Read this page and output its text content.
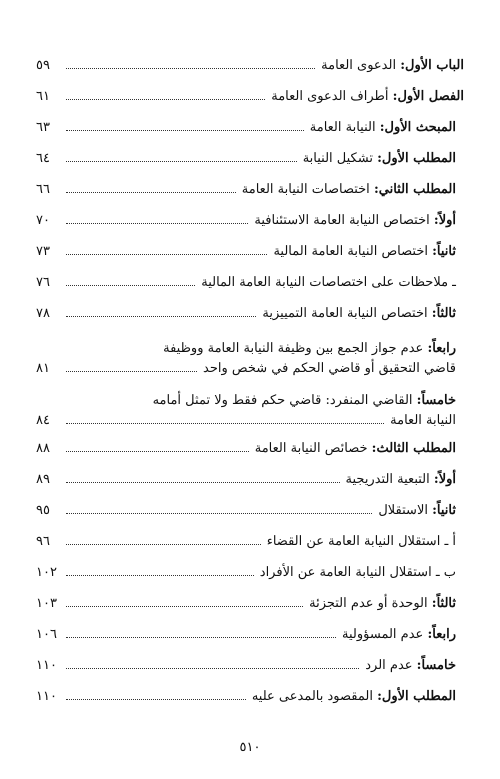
الباب الأول: الدعوى العامة
٥٩
الفصل الأول: أطراف الدعوى العامة
٦١
المبحث الأول: النيابة العامة
٦٣
المطلب الأول: تشكيل النيابة
٦٤
المطلب الثاني: اختصاصات النيابة العامة
٦٦
أولاً: اختصاص النيابة العامة الاستئنافية
٧٠
ثانياً: اختصاص النيابة العامة المالية
٧٣
ـ ملاحظات على اختصاصات النيابة العامة المالية
٧٦
ثالثاً: اختصاص النيابة العامة التمييزية
٧٨
رابعاً: عدم جواز الجمع بين وظيفة النيابة العامة ووظيفة
قاضي التحقيق أو قاضي الحكم في شخص واحد
٨١
خامساً: القاضي المنفرد: قاضي حكم فقط ولا تمثل أمامه
النيابة العامة
٨٤
المطلب الثالث: خصائص النيابة العامة
٨٨
أولاً: التبعية التدريجية
٨٩
ثانياً: الاستقلال
٩٥
أ ـ استقلال النيابة العامة عن القضاء
٩٦
ب ـ استقلال النيابة العامة عن الأفراد
١٠٢
ثالثاً: الوحدة أو عدم التجزئة
١٠٣
رابعاً: عدم المسؤولية
١٠٦
خامساً: عدم الرد
١١٠
المطلب الأول: المقصود بالمدعى عليه
١١٠
٥١٠
